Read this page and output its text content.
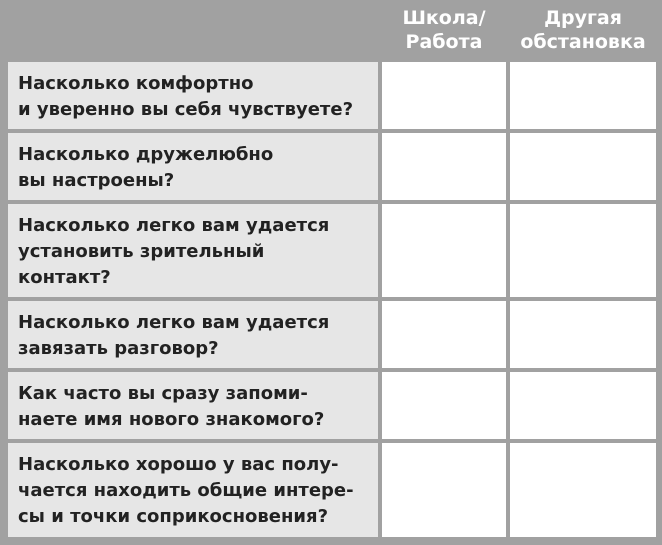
Школа/
Работа
Другая
обстановка
Насколько комфортно
и уверенно вы себя чувствуете?
Насколько дружелюбно
вы настроены?
Насколько легко вам удается
установить зрительный
контакт?
Насколько легко вам удается
завязать разговор?
Как часто вы сразу запоми-
наете имя нового знакомого?
Насколько хорошо у вас полу-
чается находить общие интере-
сы и точки соприкосновения?
